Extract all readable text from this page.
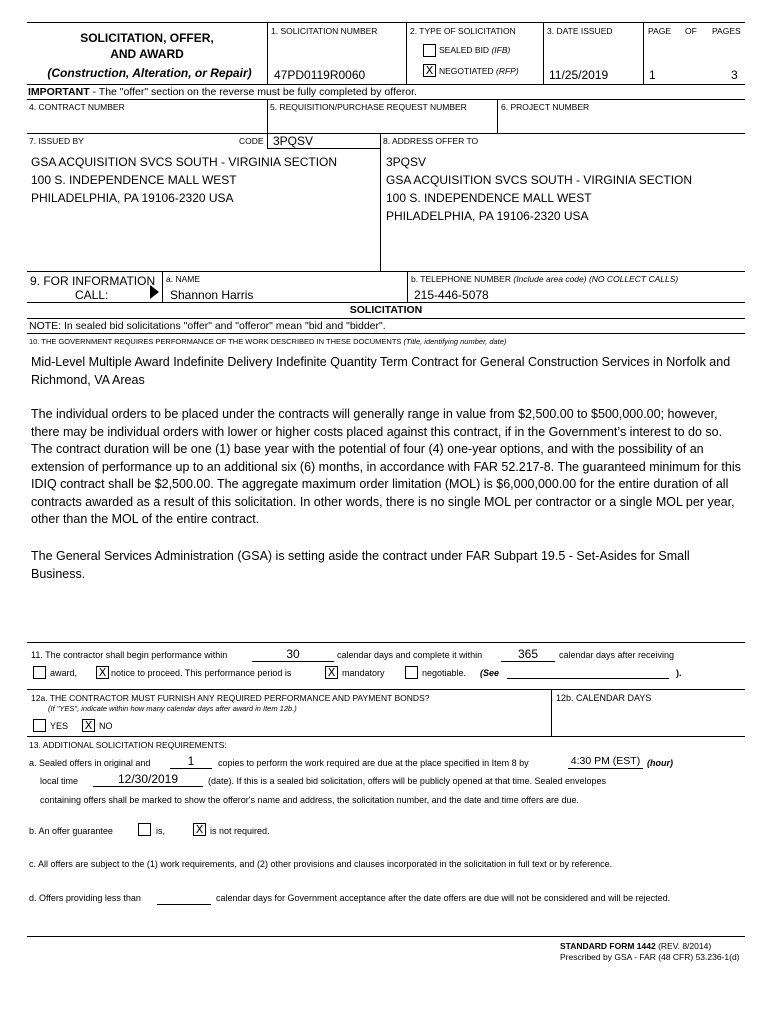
SOLICITATION, OFFER,
AND AWARD
(Construction, Alteration, or Repair)
1. SOLICITATION NUMBER
47PD0119R0060
2. TYPE OF SOLICITATION
SEALED BID (IFB)
X NEGOTIATED (RFP)
3. DATE ISSUED
11/25/2019
PAGE OF PAGES
1	3
IMPORTANT - The "offer" section on the reverse must be fully completed by offeror.
4. CONTRACT NUMBER	5. REQUISITION/PURCHASE REQUEST NUMBER	6. PROJECT NUMBER
7. ISSUED BY	CODE 3PQSV
GSA ACQUISITION SVCS SOUTH - VIRGINIA SECTION
100 S. INDEPENDENCE MALL WEST
PHILADELPHIA, PA 19106-2320 USA
8. ADDRESS OFFER TO
3PQSV
GSA ACQUISITION SVCS SOUTH - VIRGINIA SECTION
100 S. INDEPENDENCE MALL WEST
PHILADELPHIA, PA 19106-2320 USA
9. FOR INFORMATION
CALL:
a. NAME
Shannon Harris
b. TELEPHONE NUMBER (Include area code) (NO COLLECT CALLS)
215-446-5078
SOLICITATION
NOTE: In sealed bid solicitations "offer" and "offeror" mean "bid and "bidder".
10. THE GOVERNMENT REQUIRES PERFORMANCE OF THE WORK DESCRIBED IN THESE DOCUMENTS (Title, identifying number, date)
Mid-Level Multiple Award Indefinite Delivery Indefinite Quantity Term Contract for General Construction Services in Norfolk and Richmond, VA Areas
The individual orders to be placed under the contracts will generally range in value from $2,500.00 to $500,000.00; however, there may be individual orders with lower or higher costs placed against this contract, if in the Government’s interest to do so. The contract duration will be one (1) base year with the potential of four (4) one-year options, and with the possibility of an extension of performance up to an additional six (6) months, in accordance with FAR 52.217-8. The guaranteed minimum for this IDIQ contract shall be $2,500.00. The aggregate maximum order limitation (MOL) is $6,000,000.00 for the entire duration of all contracts awarded as a result of this solicitation. In other words, there is no single MOL per contractor or a single MOL per year, other than the MOL of the entire contract.
The General Services Administration (GSA) is setting aside the contract under FAR Subpart 19.5 - Set-Asides for Small Business.
11. The contractor shall begin performance within	30	calendar days and complete it within	365	calendar days after receiving
award, X notice to proceed. This performance period is	X mandatory	negotiable. (See	).
12a. THE CONTRACTOR MUST FURNISH ANY REQUIRED PERFORMANCE AND PAYMENT BONDS?
(If "YES", indicate within how many calendar days after award in Item 12b.)
YES X NO
12b. CALENDAR DAYS
13. ADDITIONAL SOLICITATION REQUIREMENTS:
a. Sealed offers in original and	1	copies to perform the work required are due at the place specified in Item 8 by	4:30 PM (EST) (hour)
local time	12/30/2019	(date). If this is a sealed bid solicitation, offers will be publicly opened at that time. Sealed envelopes
containing offers shall be marked to show the offeror's name and address, the solicitation number, and the date and time offers are due.
b. An offer guarantee	is,	X is not required.
c. All offers are subject to the (1) work requirements, and (2) other provisions and clauses incorporated in the solicitation in full text or by reference.
d. Offers providing less than	calendar days for Government acceptance after the date offers are due will not be considered and will be rejected.
STANDARD FORM 1442 (REV. 8/2014)
Prescribed by GSA - FAR (48 CFR) 53.236-1(d)
